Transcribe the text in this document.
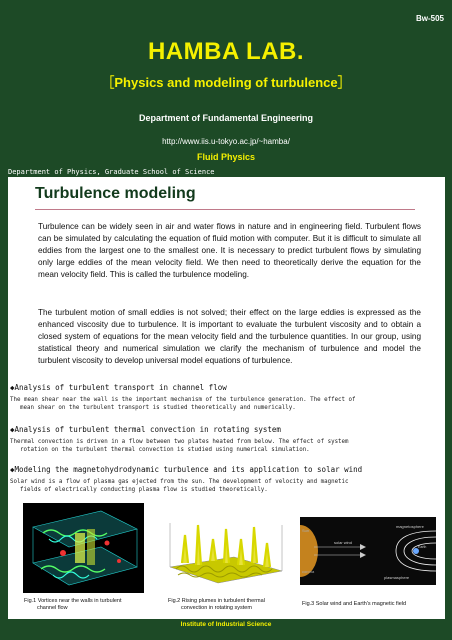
Bw-505
HAMBA LAB.
［Physics and modeling of turbulence］
Department of Fundamental Engineering
http://www.iis.u-tokyo.ac.jp/~hamba/
Fluid Physics
Department of Physics, Graduate School of Science
Turbulence modeling
Turbulence can be widely seen in air and water flows in nature and in engineering field. Turbulent flows can be simulated by calculating the equation of fluid motion with computer. But it is difficult to simulate all eddies from the largest one to the smallest one. It is necessary to predict turbulent flows by simulating only large eddies of the mean velocity field. We then need to theoretically derive the equation for the mean velocity field. This is called the turbulence modeling.
The turbulent motion of small eddies is not solved; their effect on the large eddies is expressed as the enhanced viscosity due to turbulence. It is important to evaluate the turbulent viscosity and to obtain a closed system of equations for the mean velocity field and the turbulence quantities. In our group, using statistical theory and numerical simulation we clarify the mechanism of turbulence and model the turbulent viscosity to develop universal model equations of turbulence.
◆Analysis of turbulent transport in channel flow
The mean shear near the wall is the important mechanism of the turbulence generation. The effect of
mean shear on the turbulent transport is studied theoretically and numerically.
◆Analysis of turbulent thermal convection in rotating system
Thermal convection is driven in a flow between two plates heated from below. The effect of system
rotation on the turbulent thermal convection is studied using numerical simulation.
◆Modeling the magnetohydrodynamic turbulence and its application to solar wind
Solar wind is a flow of plasma gas ejected from the sun. The development of velocity and magnetic
fields of electrically conducting plasma flow is studied theoretically.
Fig.1 Vortices near the walls in turbulent
channel flow
Fig.2 Rising plumes in turbulent thermal
convection in rotating system
Sun
corona
solar wind
magnetosphere
Earth
plasmasphere
Fig.3 Solar wind and Earth's magnetic field
Institute of Industrial Science
